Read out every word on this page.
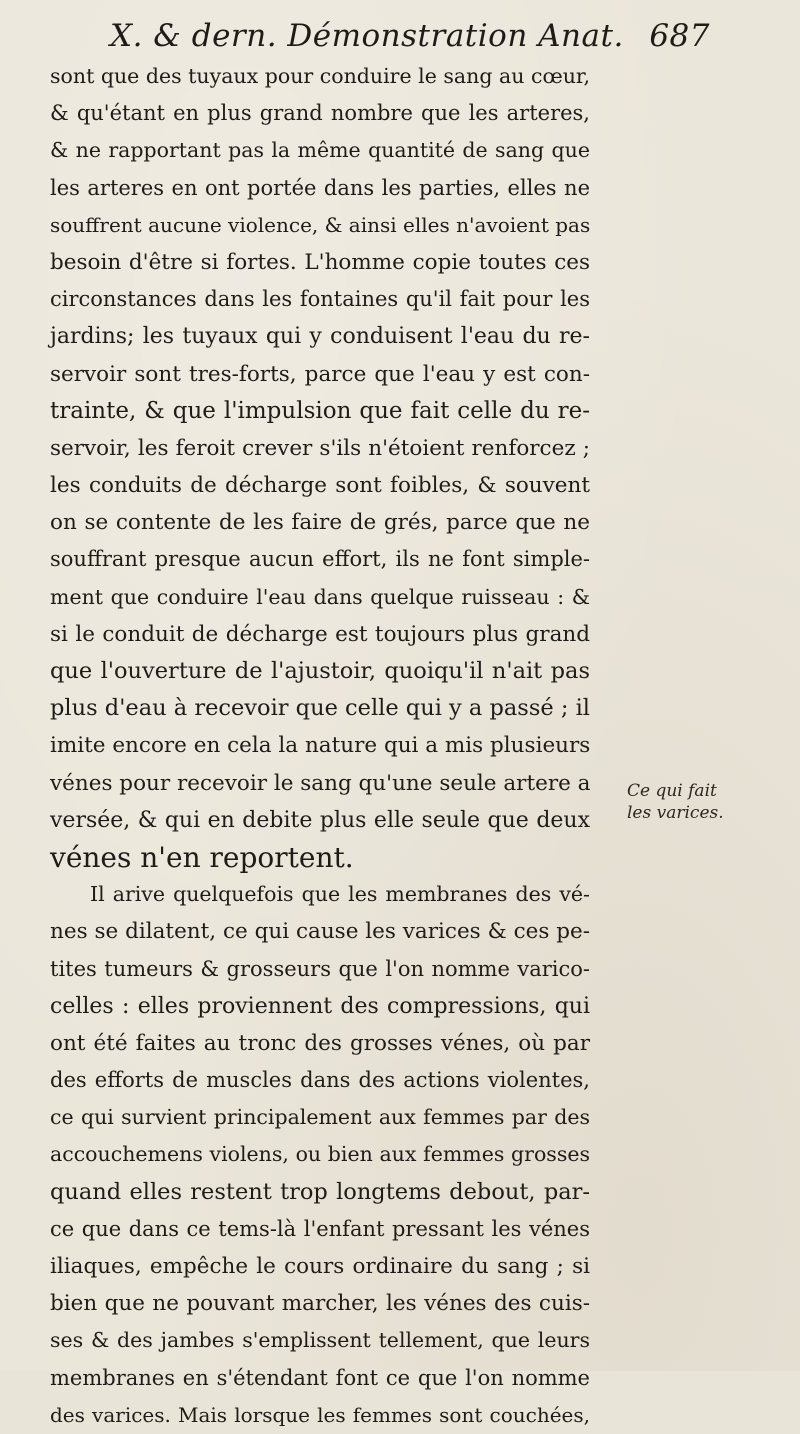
X. & dern. Démonstration Anat. 687
sont que des tuyaux pour conduire le sang au cœur,
& qu'étant en plus grand nombre que les arteres,
& ne rapportant pas la même quantité de sang que
les arteres en ont portée dans les parties, elles ne
souffrent aucune violence, & ainsi elles n'avoient pas
besoin d'être si fortes. L'homme copie toutes ces
circonstances dans les fontaines qu'il fait pour les
jardins; les tuyaux qui y conduisent l'eau du re-
servoir sont tres-forts, parce que l'eau y est con-
trainte, & que l'impulsion que fait celle du re-
servoir, les feroit crever s'ils n'étoient renforcez ;
les conduits de décharge sont foibles, & souvent
on se contente de les faire de grés, parce que ne
souffrant presque aucun effort, ils ne font simple-
ment que conduire l'eau dans quelque ruisseau : &
si le conduit de décharge est toujours plus grand
que l'ouverture de l'ajustoir, quoiqu'il n'ait pas
plus d'eau à recevoir que celle qui y a passé ; il
imite encore en cela la nature qui a mis plusieurs
vénes pour recevoir le sang qu'une seule artere a
versée, & qui en debite plus elle seule que deux
vénes n'en reportent.
Il arive quelquefois que les membranes des vé-
nes se dilatent, ce qui cause les varices & ces pe-
tites tumeurs & grosseurs que l'on nomme varico-
celles : elles proviennent des compressions, qui
ont été faites au tronc des grosses vénes, où par
des efforts de muscles dans des actions violentes,
ce qui survient principalement aux femmes par des
accouchemens violens, ou bien aux femmes grosses
quand elles restent trop longtems debout, par-
ce que dans ce tems-là l'enfant pressant les vénes
iliaques, empêche le cours ordinaire du sang ; si
bien que ne pouvant marcher, les vénes des cuis-
ses & des jambes s'emplissent tellement, que leurs
membranes en s'étendant font ce que l'on nomme
des varices. Mais lorsque les femmes sont couchées,
Ce qui fait
les varices.
